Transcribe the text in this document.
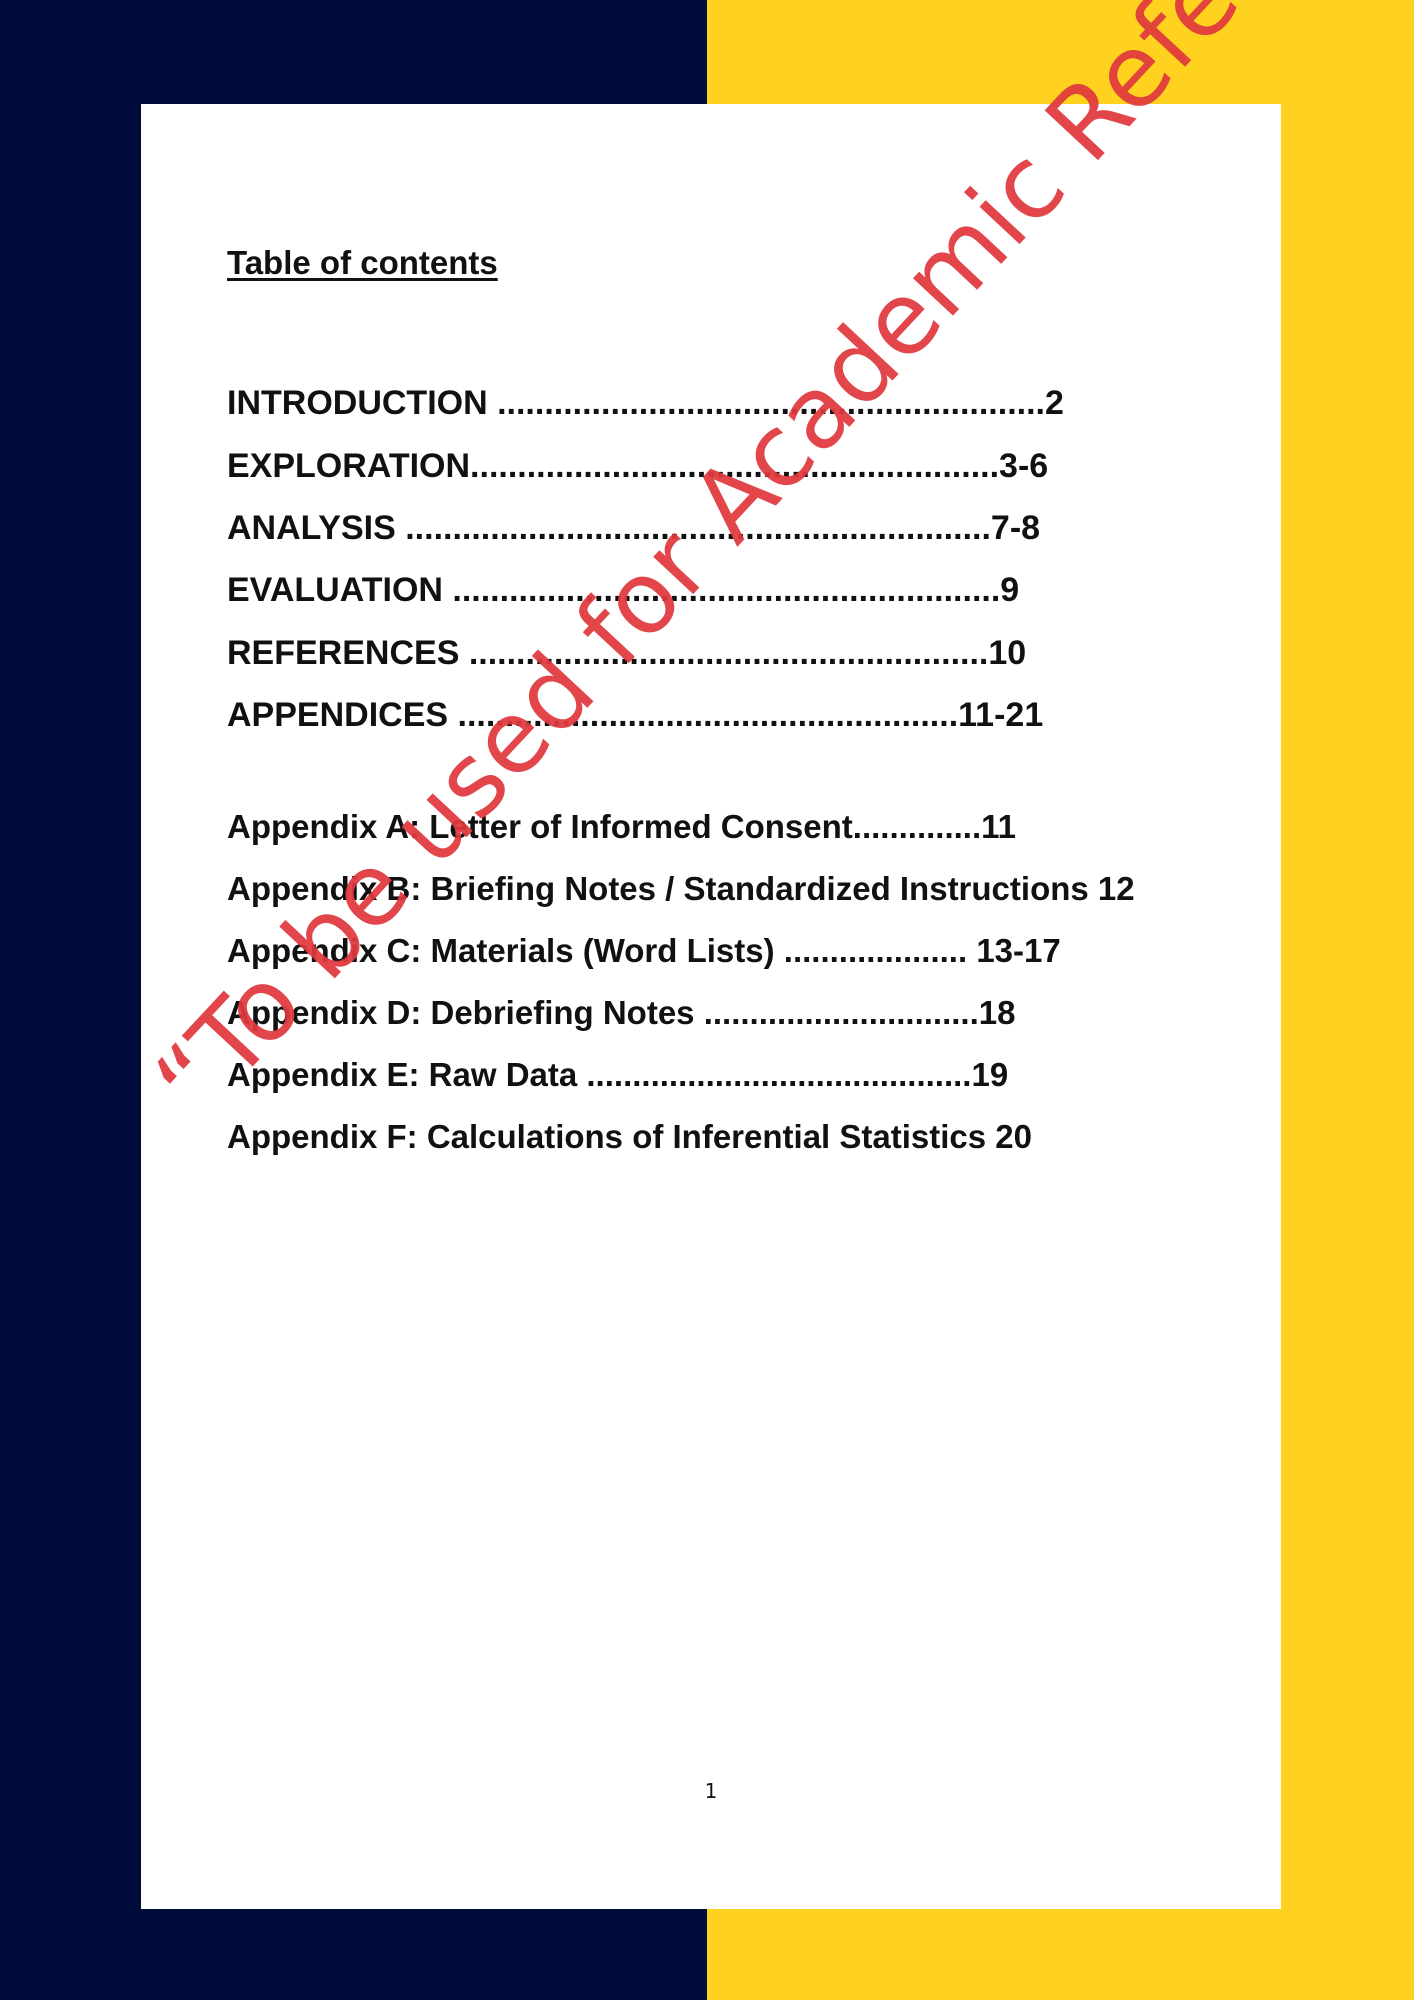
Table of contents
INTRODUCTION ..........................................................2
EXPLORATION........................................................3-6
ANALYSIS ..............................................................7-8
EVALUATION ..........................................................9
REFERENCES .......................................................10
APPENDICES .....................................................11-21
Appendix A: Letter of Informed Consent..............11
Appendix B: Briefing Notes / Standardized Instructions 12
Appendix C: Materials (Word Lists) .................... 13-17
Appendix D: Debriefing Notes ..............................18
Appendix E: Raw Data ..........................................19
Appendix F: Calculations of Inferential Statistics 20
1
“To be used for Academic
